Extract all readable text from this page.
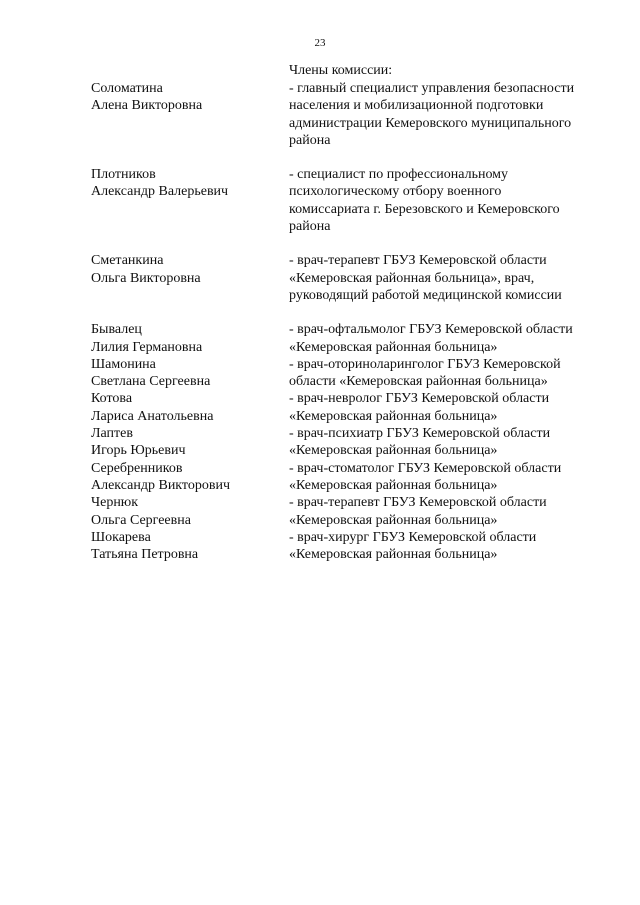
23
Члены комиссии:
Соломатина
Алена Викторовна
- главный специалист управления безопасности
населения и мобилизационной подготовки
администрации Кемеровского муниципального
района
Плотников
Александр Валерьевич
- специалист по профессиональному
психологическому отбору военного
комиссариата г. Березовского и Кемеровского
района
Сметанкина
Ольга Викторовна
- врач-терапевт ГБУЗ Кемеровской области
«Кемеровская районная больница», врач,
руководящий работой медицинской комиссии
Бывалец
Лилия Германовна
- врач-офтальмолог ГБУЗ Кемеровской области
«Кемеровская районная больница»
Шамонина
Светлана Сергеевна
- врач-оториноларинголог ГБУЗ Кемеровской
области «Кемеровская районная больница»
Котова
Лариса Анатольевна
- врач-невролог ГБУЗ Кемеровской области
«Кемеровская районная больница»
Лаптев
Игорь Юрьевич
- врач-психиатр ГБУЗ Кемеровской области
«Кемеровская районная больница»
Серебренников
Александр Викторович
- врач-стоматолог ГБУЗ Кемеровской области
«Кемеровская районная больница»
Чернюк
Ольга Сергеевна
- врач-терапевт ГБУЗ Кемеровской области
«Кемеровская районная больница»
Шокарева
Татьяна Петровна
- врач-хирург ГБУЗ Кемеровской области
«Кемеровская районная больница»
